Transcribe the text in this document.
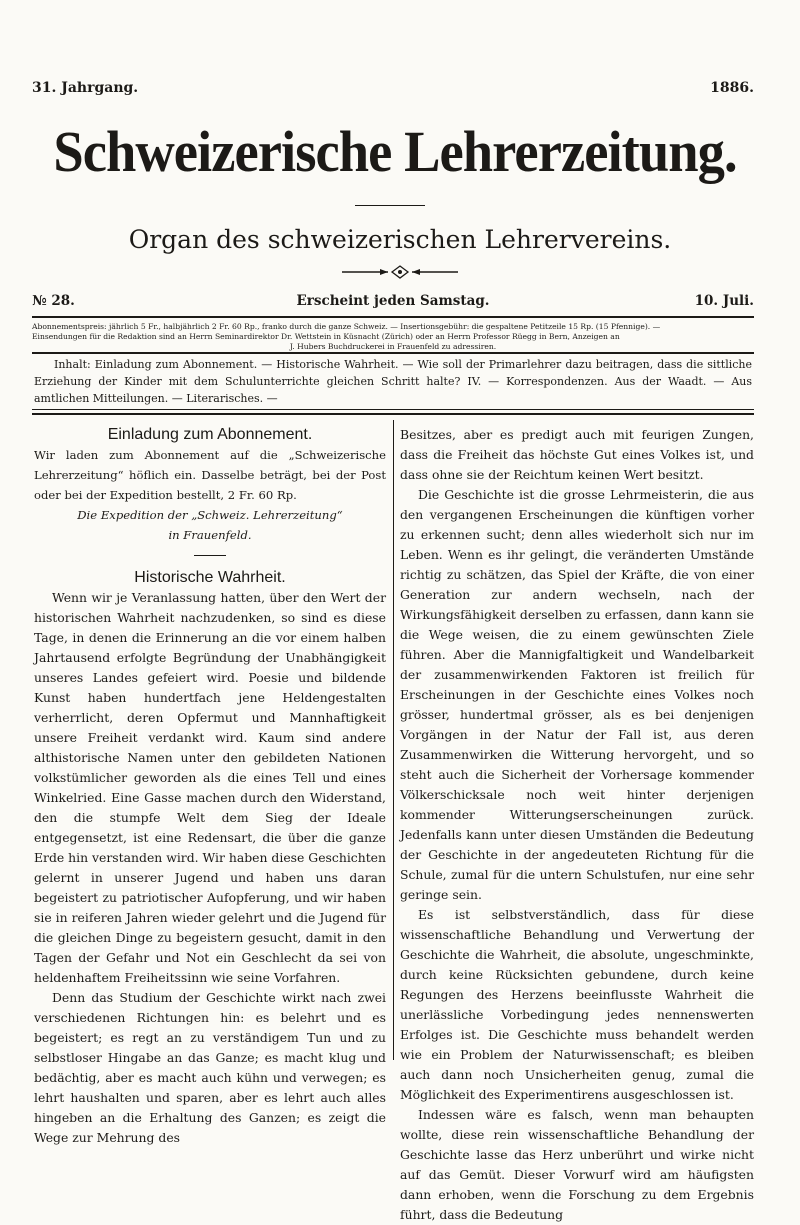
31. Jahrgang.	1886.
Schweizerische Lehrerzeitung.
Organ des schweizerischen Lehrervereins.
№ 28.	Erscheint jeden Samstag.	10. Juli.

Abonnementspreis: jährlich 5 Fr., halbjährlich 2 Fr. 60 Rp., franko durch die ganze Schweiz. — Insertionsgebühr: die gespaltene Petitzeile 15 Rp. (15 Pfennige). —

Einsendungen für die Redaktion sind an Herrn Seminardirektor Dr. Wettstein in Küsnacht (Zürich) oder an Herrn Professor Rüegg in Bern, Anzeigen an

J. Hubers Buchdruckerei in Frauenfeld zu adressiren.

Inhalt: Einladung zum Abonnement. — Historische Wahrheit. — Wie soll der Primarlehrer dazu beitragen, dass die sittliche Erziehung der Kinder mit dem Schulunterrichte gleichen Schritt halte? IV. — Korrespondenzen. Aus der Waadt. — Aus amtlichen Mitteilungen. — Literarisches. —

Einladung zum Abonnement.

Wir laden zum Abonnement auf die „Schweizerische Lehrerzeitung“ höflich ein. Dasselbe beträgt, bei der Post oder bei der Expedition bestellt, 2 Fr. 60 Rp.

Die Expedition der „Schweiz. Lehrerzeitung“
in Frauenfeld.

Historische Wahrheit.

Wenn wir je Veranlassung hatten, über den Wert der historischen Wahrheit nachzudenken, so sind es diese Tage, in denen die Erinnerung an die vor einem halben Jahrtausend erfolgte Begründung der Unabhängigkeit unseres Landes gefeiert wird. Poesie und bildende Kunst haben hundertfach jene Heldengestalten verherrlicht, deren Opfermut und Mannhaftigkeit unsere Freiheit verdankt wird. Kaum sind andere althistorische Namen unter den gebildeten Nationen volkstümlicher geworden als die eines Tell und eines Winkelried. Eine Gasse machen durch den Widerstand, den die stumpfe Welt dem Sieg der Ideale entgegensetzt, ist eine Redensart, die über die ganze Erde hin verstanden wird. Wir haben diese Geschichten gelernt in unserer Jugend und haben uns daran begeistert zu patriotischer Aufopferung, und wir haben sie in reiferen Jahren wieder gelehrt und die Jugend für die gleichen Dinge zu begeistern gesucht, damit in den Tagen der Gefahr und Not ein Geschlecht da sei von heldenhaftem Freiheitssinn wie seine Vorfahren.

Denn das Studium der Geschichte wirkt nach zwei verschiedenen Richtungen hin: es belehrt und es begeistert; es regt an zu verständigem Tun und zu selbstloser Hingabe an das Ganze; es macht klug und bedächtig, aber es macht auch kühn und verwegen; es lehrt haushalten und sparen, aber es lehrt auch alles hingeben an die Erhaltung des Ganzen; es zeigt die Wege zur Mehrung des

Besitzes, aber es predigt auch mit feurigen Zungen, dass die Freiheit das höchste Gut eines Volkes ist, und dass ohne sie der Reichtum keinen Wert besitzt.

Die Geschichte ist die grosse Lehrmeisterin, die aus den vergangenen Erscheinungen die künftigen vorher zu erkennen sucht; denn alles wiederholt sich nur im Leben. Wenn es ihr gelingt, die veränderten Umstände richtig zu schätzen, das Spiel der Kräfte, die von einer Generation zur andern wechseln, nach der Wirkungsfähigkeit derselben zu erfassen, dann kann sie die Wege weisen, die zu einem gewünschten Ziele führen. Aber die Mannigfaltigkeit und Wandelbarkeit der zusammenwirkenden Faktoren ist freilich für Erscheinungen in der Geschichte eines Volkes noch grösser, hundertmal grösser, als es bei denjenigen Vorgängen in der Natur der Fall ist, aus deren Zusammenwirken die Witterung hervorgeht, und so steht auch die Sicherheit der Vorhersage kommender Völkerschicksale noch weit hinter derjenigen kommender Witterungserscheinungen zurück. Jedenfalls kann unter diesen Umständen die Bedeutung der Geschichte in der angedeuteten Richtung für die Schule, zumal für die untern Schulstufen, nur eine sehr geringe sein.

Es ist selbstverständlich, dass für diese wissenschaftliche Behandlung und Verwertung der Geschichte die Wahrheit, die absolute, ungeschminkte, durch keine Rücksichten gebundene, durch keine Regungen des Herzens beeinflusste Wahrheit die unerlässliche Vorbedingung jedes nennenswerten Erfolges ist. Die Geschichte muss behandelt werden wie ein Problem der Naturwissenschaft; es bleiben auch dann noch Unsicherheiten genug, zumal die Möglichkeit des Experimentirens ausgeschlossen ist.

Indessen wäre es falsch, wenn man behaupten wollte, diese rein wissenschaftliche Behandlung der Geschichte lasse das Herz unberührt und wirke nicht auf das Gemüt. Dieser Vorwurf wird am häufigsten dann erhoben, wenn die Forschung zu dem Ergebnis führt, dass die Bedeutung
